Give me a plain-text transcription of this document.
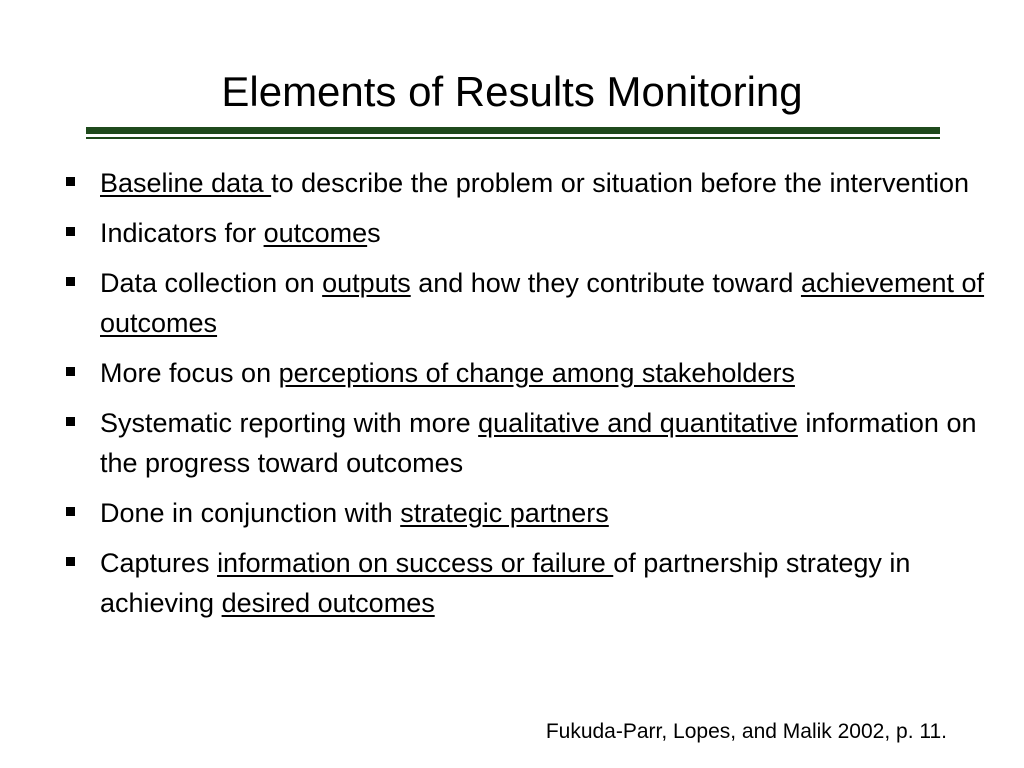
Elements of Results Monitoring
Baseline data to describe the problem or situation before the intervention
Indicators for outcomes
Data collection on outputs and how they contribute toward achievement of outcomes
More focus on perceptions of change among stakeholders
Systematic reporting with more qualitative and quantitative information on the progress toward outcomes
Done in conjunction with strategic partners
Captures information on success or failure of partnership strategy in achieving desired outcomes
Fukuda-Parr, Lopes, and Malik 2002, p. 11.
